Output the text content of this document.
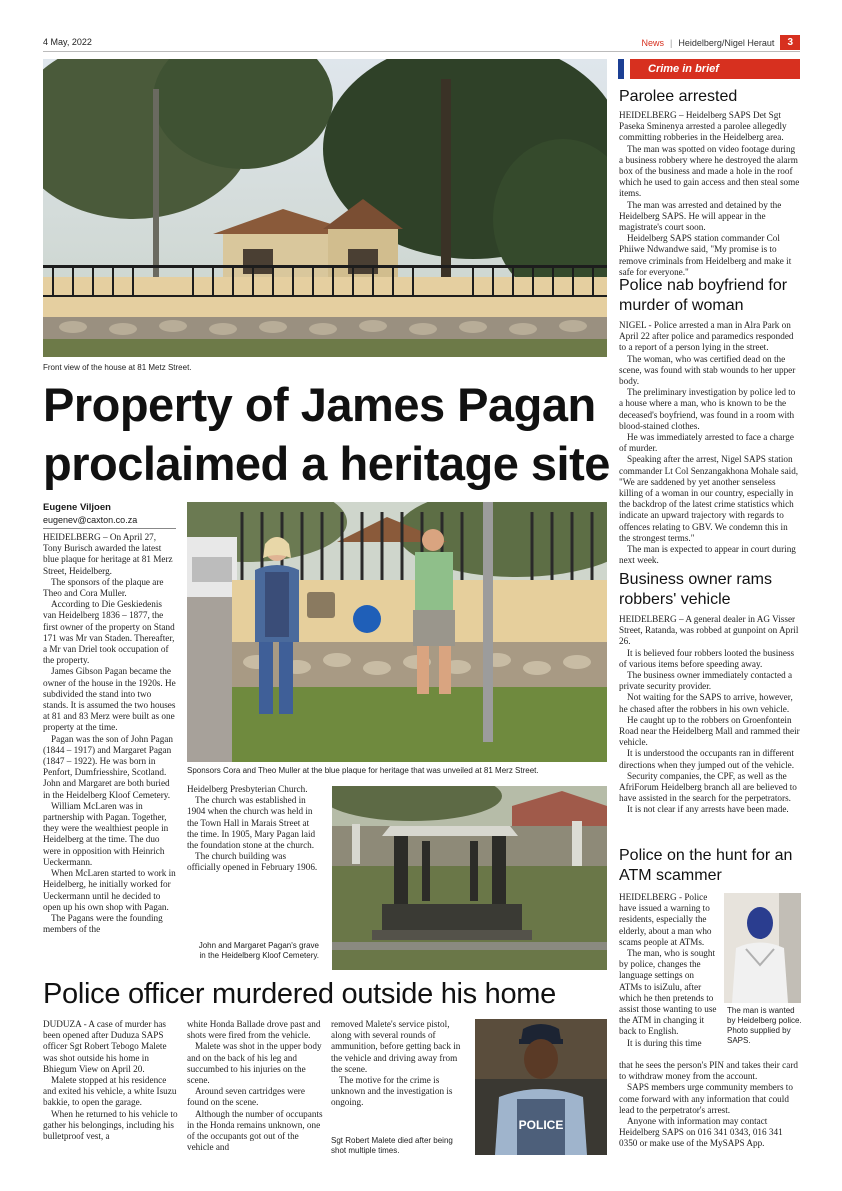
4 May, 2022	News | Heidelberg/Nigel Heraut	3
Front view of the house at 81 Metz Street.
Property of James Pagan
proclaimed a heritage site
Eugene Viljoen
eugenev@caxton.co.za

HEIDELBERG – On April 27, Tony Burisch awarded the latest blue plaque for heritage at 81 Merz Street, Heidelberg.

The sponsors of the plaque are Theo and Cora Muller.

According to Die Geskiedenis van Heidelberg 1836 – 1877, the first owner of the property on Stand 171 was Mr van Staden. Thereafter, a Mr van Driel took occupation of the property.

James Gibson Pagan became the owner of the house in the 1920s. He subdivided the stand into two stands. It is assumed the two houses at 81 and 83 Merz were built as one property at the time.

Pagan was the son of John Pagan (1844 – 1917) and Margaret Pagan (1847 – 1922). He was born in Penfort, Dumfriesshire, Scotland. John and Margaret are both buried in the Heidelberg Kloof Cemetery.

William McLaren was in partnership with Pagan. Together, they were the wealthiest people in Heidelberg at the time. The duo were in opposition with Heinrich Ueckermann.

When McLaren started to work in Heidelberg, he initially worked for Ueckermann until he decided to open up his own shop with Pagan.

The Pagans were the founding members of the

Sponsors Cora and Theo Muller at the blue plaque for heritage that was unveiled at 81 Merz Street.

Heidelberg Presbyterian Church.

The church was established in 1904 when the church was held in the Town Hall in Marais Street at the time. In 1905, Mary Pagan laid the foundation stone at the church.

The church building was officially opened in February 1906.

John and Margaret Pagan's grave in the Heidelberg Kloof Cemetery.
Police officer murdered outside his home

DUDUZA - A case of murder has been opened after Duduza SAPS officer Sgt Robert Tebogo Malete was shot outside his home in Bhiegum View on April 20.

Malete stopped at his residence and exited his vehicle, a white Isuzu bakkie, to open the garage.

When he returned to his vehicle to gather his belongings, including his bulletproof vest, a

white Honda Ballade drove past and shots were fired from the vehicle.

Malete was shot in the upper body and on the back of his leg and succumbed to his injuries on the scene.

Around seven cartridges were found on the scene.

Although the number of occupants in the Honda remains unknown, one of the occupants got out of the vehicle and

removed Malete's service pistol, along with several rounds of ammunition, before getting back in the vehicle and driving away from the scene.

The motive for the crime is unknown and the investigation is ongoing.

Sgt Robert Malete died after being shot multiple times.
POLICE
Crime in brief
Parolee arrested

HEIDELBERG – Heidelberg SAPS Det Sgt Paseka Sminenya arrested a parolee allegedly committing robberies in the Heidelberg area.

The man was spotted on video footage during a business robbery where he destroyed the alarm box of the business and made a hole in the roof which he used to gain access and then steal some items.

The man was arrested and detained by the Heidelberg SAPS. He will appear in the magistrate's court soon.

Heidelberg SAPS station commander Col Phiiwe Ndwandwe said, "My promise is to remove criminals from Heidelberg and make it safe for everyone."

Police nab boyfriend for murder of woman

NIGEL - Police arrested a man in Alra Park on April 22 after police and paramedics responded to a report of a person lying in the street.

The woman, who was certified dead on the scene, was found with stab wounds to her upper body.

The preliminary investigation by police led to a house where a man, who is known to be the deceased's boyfriend, was found in a room with blood-stained clothes.

He was immediately arrested to face a charge of murder.

Speaking after the arrest, Nigel SAPS station commander Lt Col Senzangakhona Mohale said, "We are saddened by yet another senseless killing of a woman in our country, especially in the backdrop of the latest crime statistics which indicate an upward trajectory with regards to offences relating to GBV. We condemn this in the strongest terms."

The man is expected to appear in court during next week.

Business owner rams robbers' vehicle

HEIDELBERG – A general dealer in AG Visser Street, Ratanda, was robbed at gunpoint on April 26.

It is believed four robbers looted the business of various items before speeding away.

The business owner immediately contacted a private security provider.

Not waiting for the SAPS to arrive, however, he chased after the robbers in his own vehicle.

He caught up to the robbers on Groenfontein Road near the Heidelberg Mall and rammed their vehicle.

It is understood the occupants ran in different directions when they jumped out of the vehicle.

Security companies, the CPF, as well as the AfriForum Heidelberg branch all are believed to have assisted in the search for the perpetrators.

It is not clear if any arrests have been made.

Police on the hunt for an ATM scammer

HEIDELBERG - Police have issued a warning to residents, especially the elderly, about a man who scams people at ATMs.

The man, who is sought by police, changes the language settings on ATMs to isiZulu, after which he then pretends to assist those wanting to use the ATM in changing it back to English.

It is during this time

that he sees the person's PIN and takes their card to withdraw money from the account.

SAPS members urge community members to come forward with any information that could lead to the perpetrator's arrest.

Anyone with information may contact Heidelberg SAPS on 016 341 0343, 016 341 0350 or make use of the MySAPS App.

The man is wanted by Heidelberg police. Photo supplied by SAPS.
